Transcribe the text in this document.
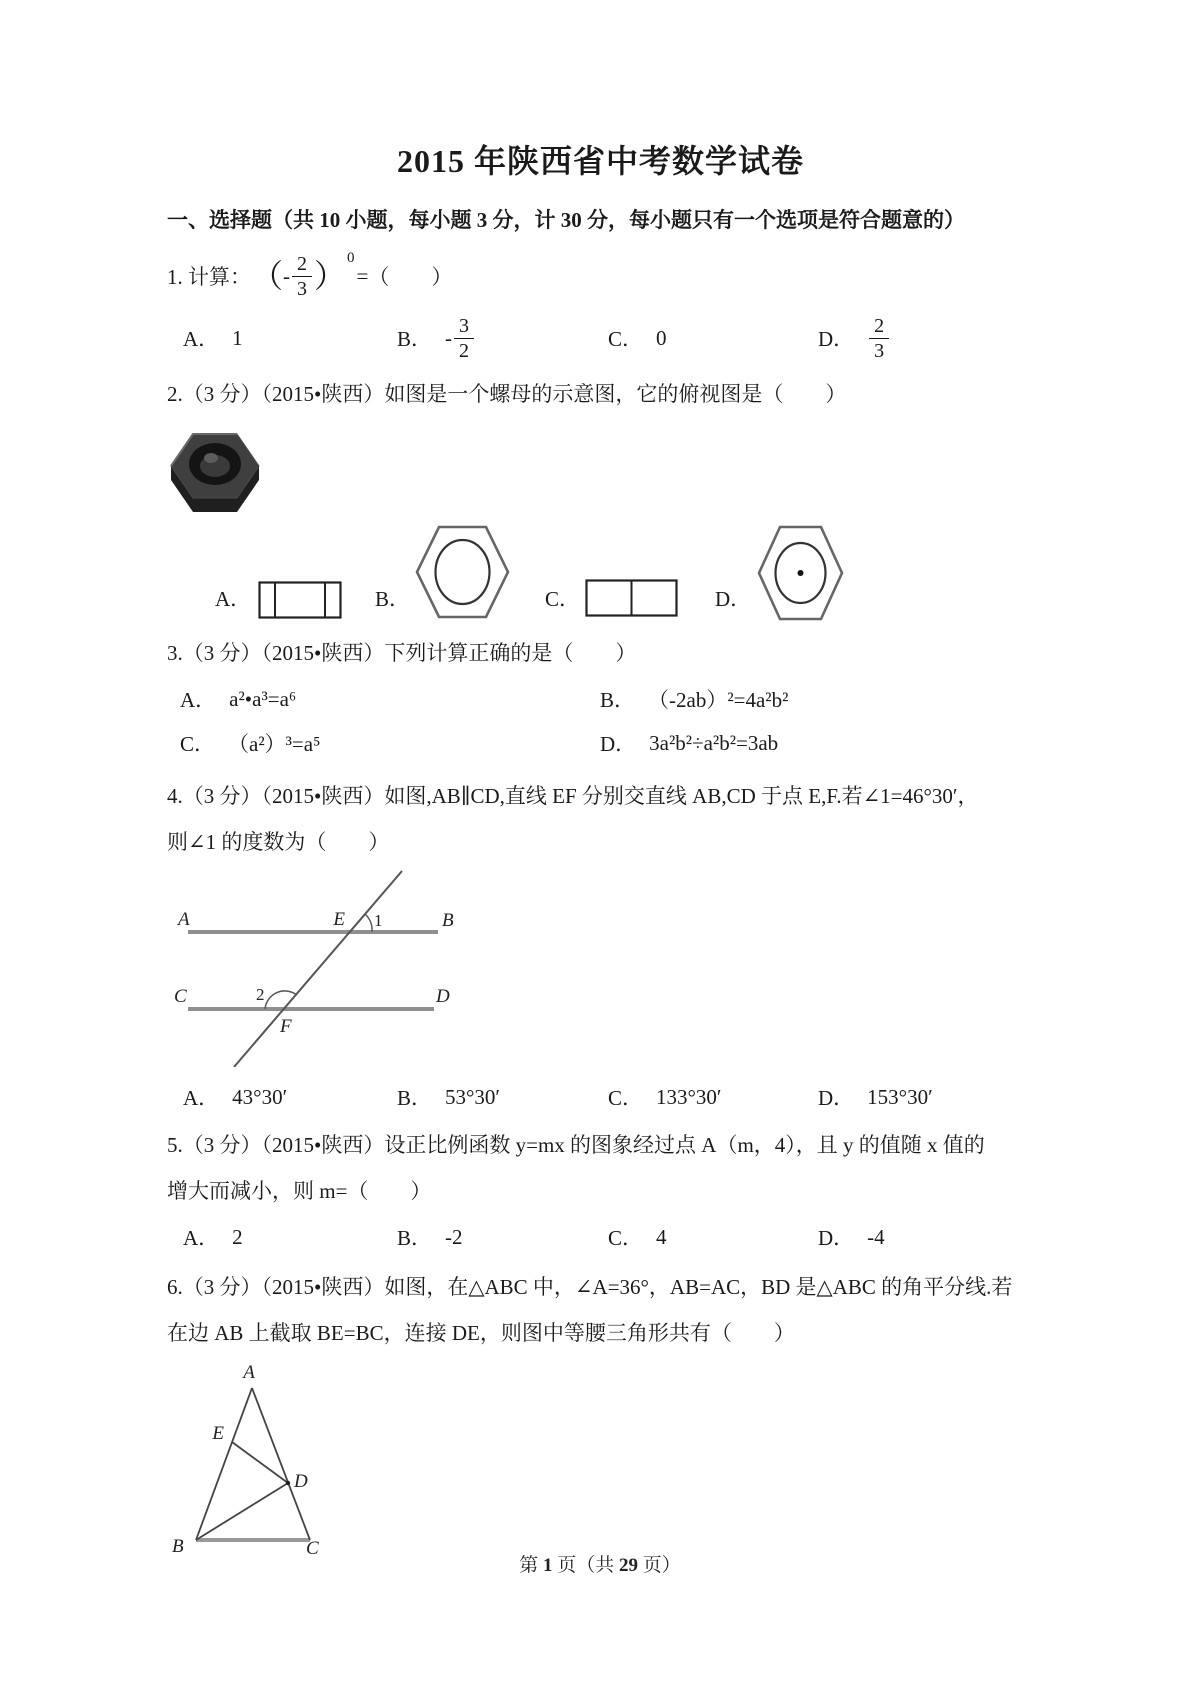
2015 年陕西省中考数学试卷
一、选择题（共 10 小题，每小题 3 分，计 30 分，每小题只有一个选项是符合题意的）
1. 计算： （ - $\frac{2}{3}$ ） 0
= （　　）
A． 1	B． - $\frac{3}{2}$	C． 0	D． $\frac{2}{3}$
2.（3 分）（2015•陕西）如图是一个螺母的示意图，它的俯视图是（　　）
A．	B．	C．	D．
3.（3 分）（2015•陕西）下列计算正确的是（　　）
A． a²•a³=a⁶	B． （-2ab）²=4a²b²
C． （a²）³=a⁵	D． 3a²b²÷a²b²=3ab
4.（3 分）（2015•陕西）如图,AB∥CD,直线 EF 分别交直线 AB,CD 于点 E,F.若∠1=46°30′，
则∠1 的度数为（　　）
A	E 1	B
C	2	D
F
A． 43°30′	B． 53°30′	C． 133°30′	D． 153°30′
5.（3 分）（2015•陕西）设正比例函数 y=mx 的图象经过点 A（m，4），且 y 的值随 x 值的
增大而减小，则 m=（　　）
A． 2	B． -2	C． 4	D． -4
6.（3 分）（2015•陕西）如图，在△ABC 中，∠A=36°，AB=AC，BD 是△ABC 的角平分线.若
在边 AB 上截取 BE=BC，连接 DE，则图中等腰三角形共有（　　）
A
E
D
B	C
第 1 页（共 29 页）
